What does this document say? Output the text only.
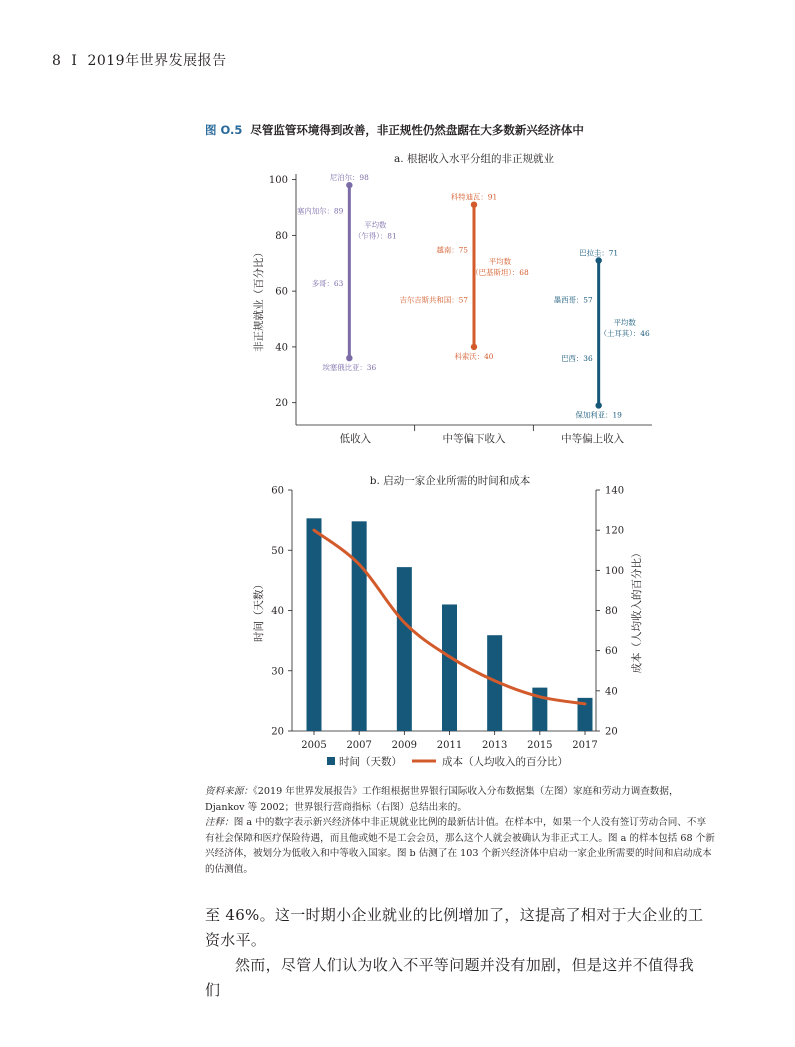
8 I 2019年世界发展报告
图 O.5 尽管监管环境得到改善，非正规性仍然盘踞在大多数新兴经济体中
a. 根据收入水平分组的非正规就业
20
40
60
80
100
低收入	中等偏下收入	中等偏上收入
非正规就业（百分比）
尼泊尔：98
塞内加尔：89
平均数
（乍得）：81
多哥：63
埃塞俄比亚：36
科特迪瓦：91
越南：75
平均数
（巴基斯坦）：68
吉尔吉斯共和国：57
科索沃：40
巴拉圭：71
墨西哥：57
平均数
（土耳其）：46
巴西：36
保加利亚：19
b. 启动一家企业所需的时间和成本
20
30
40
50
60
20
40
60
80
100
120
140
2005 2007 2009 2011 2013 2015 2017
时间（天数）	成本（人均收入的百分比）
时间（天数）	成本（人均收入的百分比）

资料来源：《2019 年世界发展报告》工作组根据世界银行国际收入分布数据集（左图）家庭和劳动力调查数据，Djankov 等 2002；世界银行营商指标（右图）总结出来的。

注释：图 a 中的数字表示新兴经济体中非正规就业比例的最新估计值。在样本中，如果一个人没有签订劳动合同、不享有社会保障和医疗保险待遇，而且他或她不是工会会员，那么这个人就会被确认为非正式工人。图 a 的样本包括 68 个新兴经济体，被划分为低收入和中等收入国家。图 b 估测了在 103 个新兴经济体中启动一家企业所需要的时间和启动成本的估测值。

至 46%。这一时期小企业就业的比例增加了，这提高了相对于大企业的工资水平。

然而，尽管人们认为收入不平等问题并没有加剧，但是这并不值得我们
